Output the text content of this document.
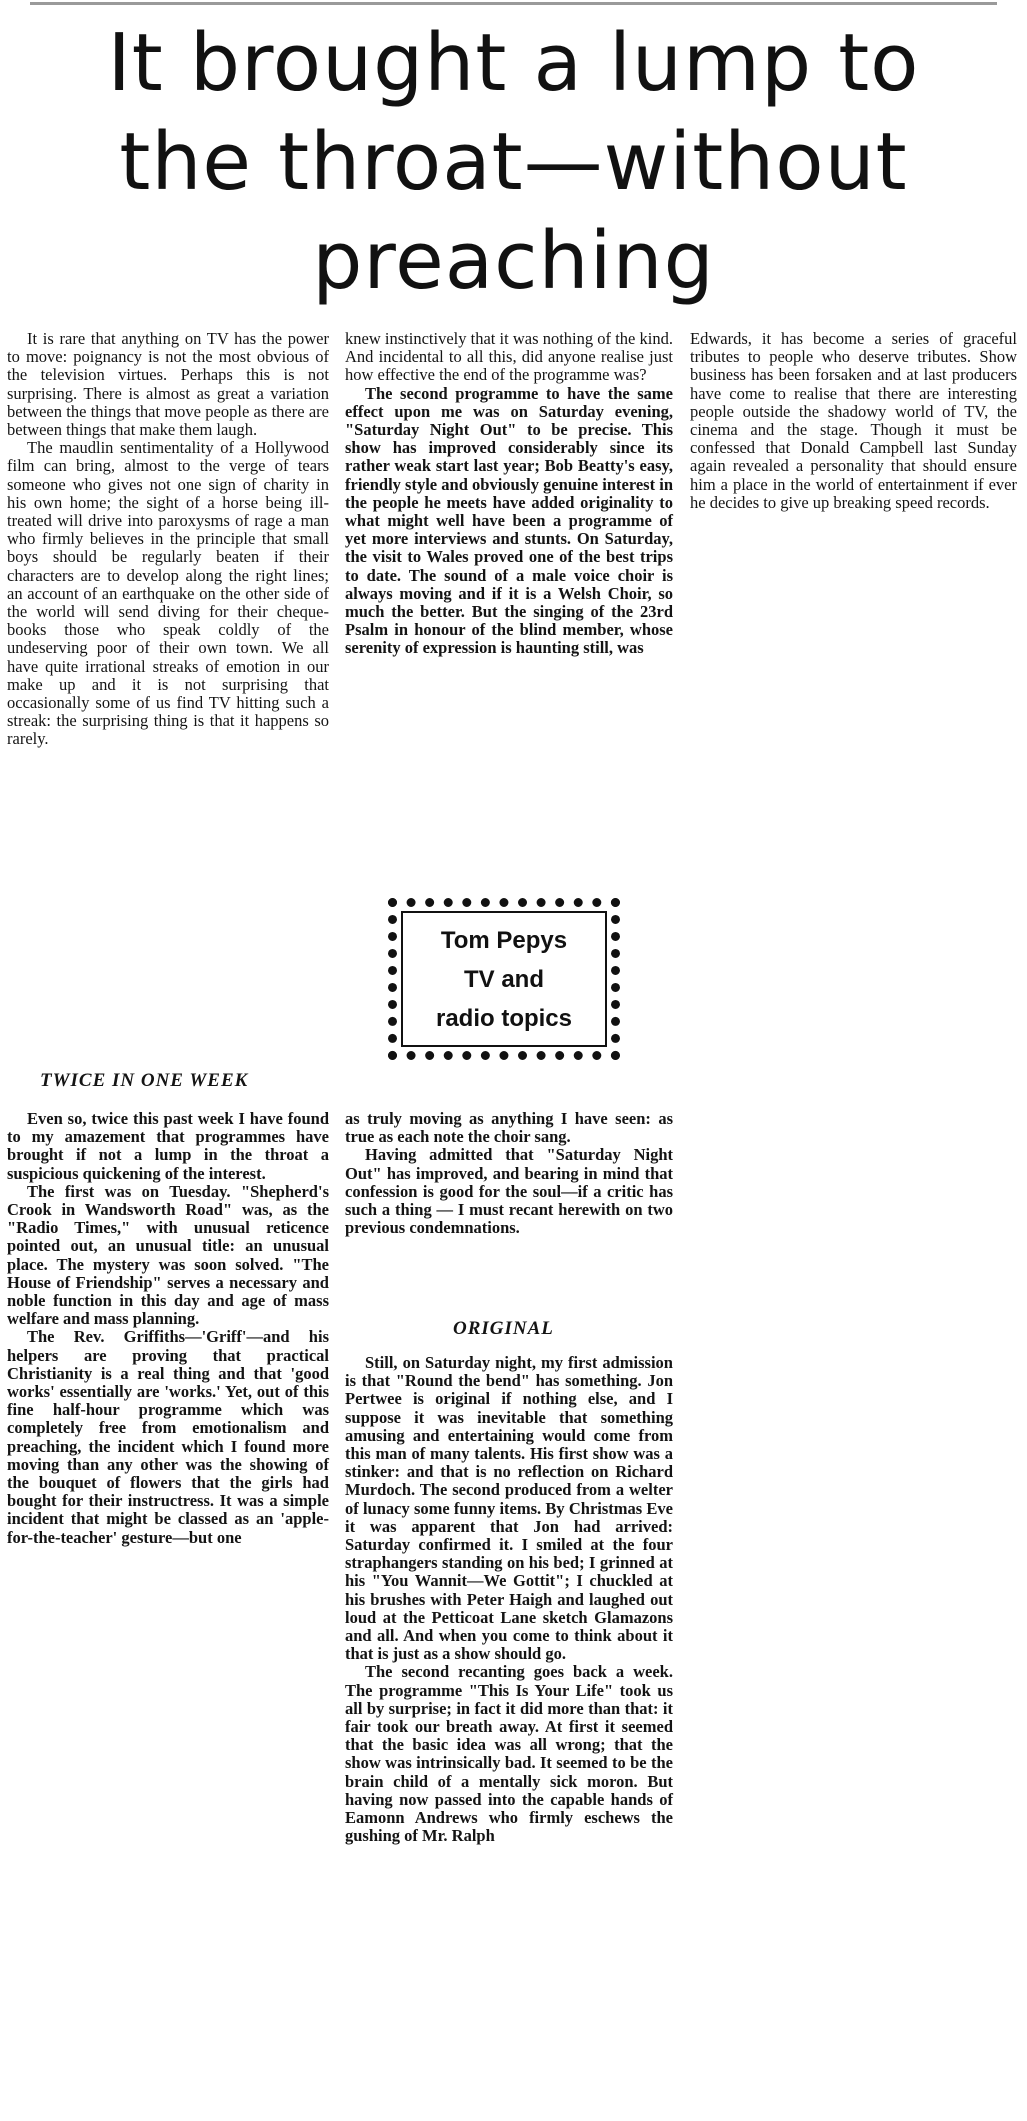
It brought a lump to
the throat—without
preaching

It is rare that anything on TV has the power to move: poignancy is not the most obvious of the television virtues. Perhaps this is not surprising. There is almost as great a variation between the things that move people as there are between things that make them laugh.

The maudlin sentimentality of a Hollywood film can bring, almost to the verge of tears someone who gives not one sign of charity in his own home; the sight of a horse being ill-treated will drive into paroxysms of rage a man who firmly believes in the principle that small boys should be regularly beaten if their characters are to develop along the right lines; an account of an earthquake on the other side of the world will send diving for their cheque-books those who speak coldly of the undeserving poor of their own town. We all have quite irrational streaks of emotion in our make up and it is not surprising that occasionally some of us find TV hitting such a streak: the surprising thing is that it happens so rarely.

knew instinctively that it was nothing of the kind. And incidental to all this, did anyone realise just how effective the end of the programme was?

The second programme to have the same effect upon me was on Saturday evening, "Saturday Night Out" to be precise. This show has improved considerably since its rather weak start last year; Bob Beatty's easy, friendly style and obviously genuine interest in the people he meets have added originality to what might well have been a programme of yet more interviews and stunts. On Saturday, the visit to Wales proved one of the best trips to date. The sound of a male voice choir is always moving and if it is a Welsh Choir, so much the better. But the singing of the 23rd Psalm in honour of the blind member, whose serenity of expression is haunting still, was

Edwards, it has become a series of graceful tributes to people who deserve tributes. Show business has been forsaken and at last producers have come to realise that there are interesting people outside the shadowy world of TV, the cinema and the stage. Though it must be confessed that Donald Campbell last Sunday again revealed a personality that should ensure him a place in the world of entertainment if ever he decides to give up breaking speed records.

Tom Pepys
TV and
radio topics
TWICE IN ONE WEEK

Even so, twice this past week I have found to my amazement that programmes have brought if not a lump in the throat a suspicious quickening of the interest.

The first was on Tuesday. "Shepherd's Crook in Wandsworth Road" was, as the "Radio Times," with unusual reticence pointed out, an unusual title: an unusual place. The mystery was soon solved. "The House of Friendship" serves a necessary and noble function in this day and age of mass welfare and mass planning.

The Rev. Griffiths—'Griff'—and his helpers are proving that practical Christianity is a real thing and that 'good works' essentially are 'works.' Yet, out of this fine half-hour programme which was completely free from emotionalism and preaching, the incident which I found more moving than any other was the showing of the bouquet of flowers that the girls had bought for their instructress. It was a simple incident that might be classed as an 'apple-for-the-teacher' gesture—but one

as truly moving as anything I have seen: as true as each note the choir sang.

Having admitted that "Saturday Night Out" has improved, and bearing in mind that confession is good for the soul—if a critic has such a thing — I must recant herewith on two previous condemnations.

ORIGINAL

Still, on Saturday night, my first admission is that "Round the bend" has something. Jon Pertwee is original if nothing else, and I suppose it was inevitable that something amusing and entertaining would come from this man of many talents. His first show was a stinker: and that is no reflection on Richard Murdoch. The second produced from a welter of lunacy some funny items. By Christmas Eve it was apparent that Jon had arrived: Saturday confirmed it. I smiled at the four straphangers standing on his bed; I grinned at his "You Wannit—We Gottit"; I chuckled at his brushes with Peter Haigh and laughed out loud at the Petticoat Lane sketch Glamazons and all. And when you come to think about it that is just as a show should go.

The second recanting goes back a week. The programme "This Is Your Life" took us all by surprise; in fact it did more than that: it fair took our breath away. At first it seemed that the basic idea was all wrong; that the show was intrinsically bad. It seemed to be the brain child of a mentally sick moron. But having now passed into the capable hands of Eamonn Andrews who firmly eschews the gushing of Mr. Ralph
